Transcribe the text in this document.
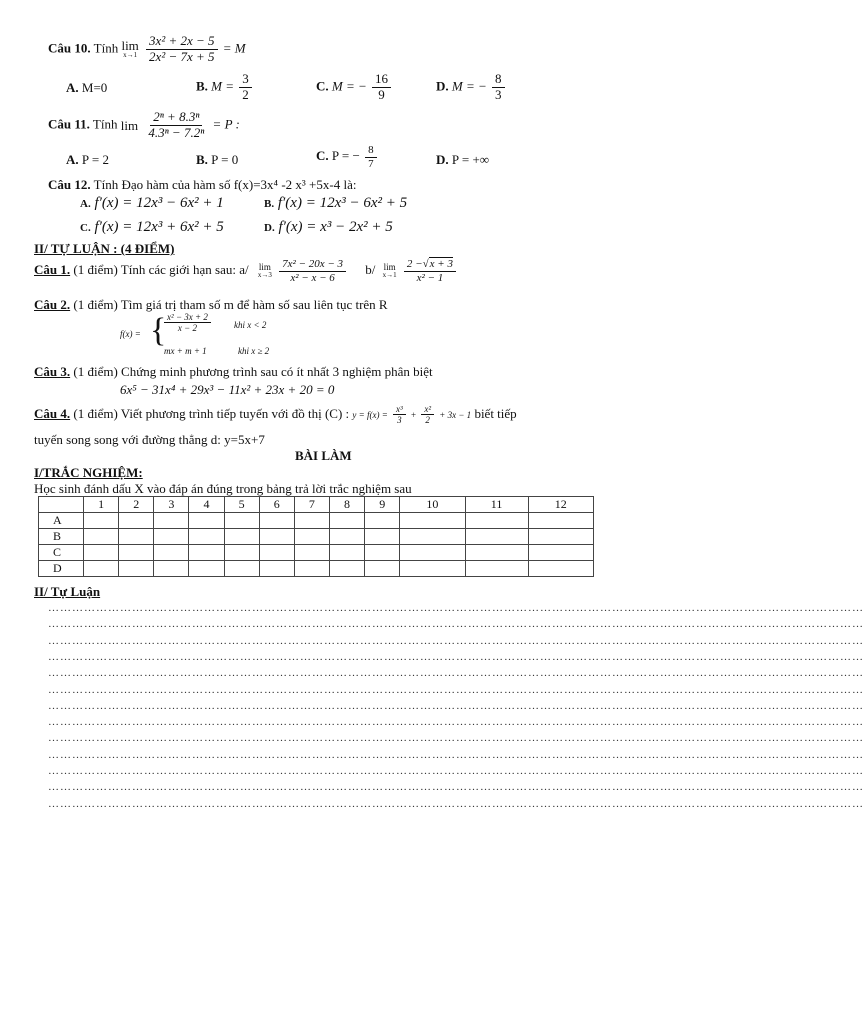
Câu 10. Tính lim
x→1
$\frac{\text{3x² + 2x − 5}}{\text{2x² − 7x + 5}} = M$
A. M=0	B. $M = \frac{3}{2}$	C. M = − $\frac{16}{9}$	D. M = − $\frac{8}{3}$
Câu 11. Tính lim
$\frac{\text{2ⁿ + 8.3ⁿ}}{\text{4.3ⁿ − 7.2ⁿ}} = P$ :
A. P = 2	B. P = 0	C. P = − $\frac{8}{7}$	D. P = +∞
Câu 12. Tính Đạo hàm của hàm số f(x)=3x⁴ -2 x³ +5x-4 là:
A. f′(x) = 12x³ − 6x² + 1	B. f′(x) = 12x³ − 6x² + 5
C. f′(x) = 12x³ + 6x² + 5	D. f′(x) = x³ − 2x² + 5
II/ TỰ LUẬN : (4 ĐIỂM)
Câu 1. (1 điểm) Tính các giới hạn sau: a/ lim
x→3
$\frac{\text{7x² − 20x − 3}}{\text{x² − x − 6}} b/$ lim
x→1
$\frac{2 -√x + 3}{\text{x² − 1}}$
Câu 2. (1 điểm) Tìm giá trị tham số m để hàm số sau liên tục trên R
f(x) = {
$\frac{\text{x² − 3x + 2}}{x - 2}$	khi x < 2
mx + m + 1	khi x ≥ 2
Câu 3. (1 điểm) Chứng minh phương trình sau có ít nhất 3 nghiệm phân biệt
6x⁵ − 31x⁴ + 29x³ − 11x² + 23x + 20 = 0
Câu 4. (1 điểm) Viết phương trình tiếp tuyến với đồ thị (C) : $y = f(x) = \frac{\text{x³}}{3} + \frac{\text{x²}}{2} + 3x - 1$ biết tiếp
tuyến song song với đường thẳng d: y=5x+7
BÀI LÀM
I/TRẮC NGHIỆM:
Học sinh đánh dấu X vào đáp án đúng trong bảng trả lời trắc nghiệm sau
	1	2	3	4	5	6	7	8	9	10	11	12
A												
B												
C												
D												
II/ Tự Luận
……………………………………………………………………………………………………………………………………………………………………………………
……………………………………………………………………………………………………………………………………………………………………………………
……………………………………………………………………………………………………………………………………………………………………………………
……………………………………………………………………………………………………………………………………………………………………………………
……………………………………………………………………………………………………………………………………………………………………………………
……………………………………………………………………………………………………………………………………………………………………………………
……………………………………………………………………………………………………………………………………………………………………………………
……………………………………………………………………………………………………………………………………………………………………………………
……………………………………………………………………………………………………………………………………………………………………………………
……………………………………………………………………………………………………………………………………………………………………………………
……………………………………………………………………………………………………………………………………………………………………………………
……………………………………………………………………………………………………………………………………………………………………………………
……………………………………………………………………………………………………………………………………………………………………………………
